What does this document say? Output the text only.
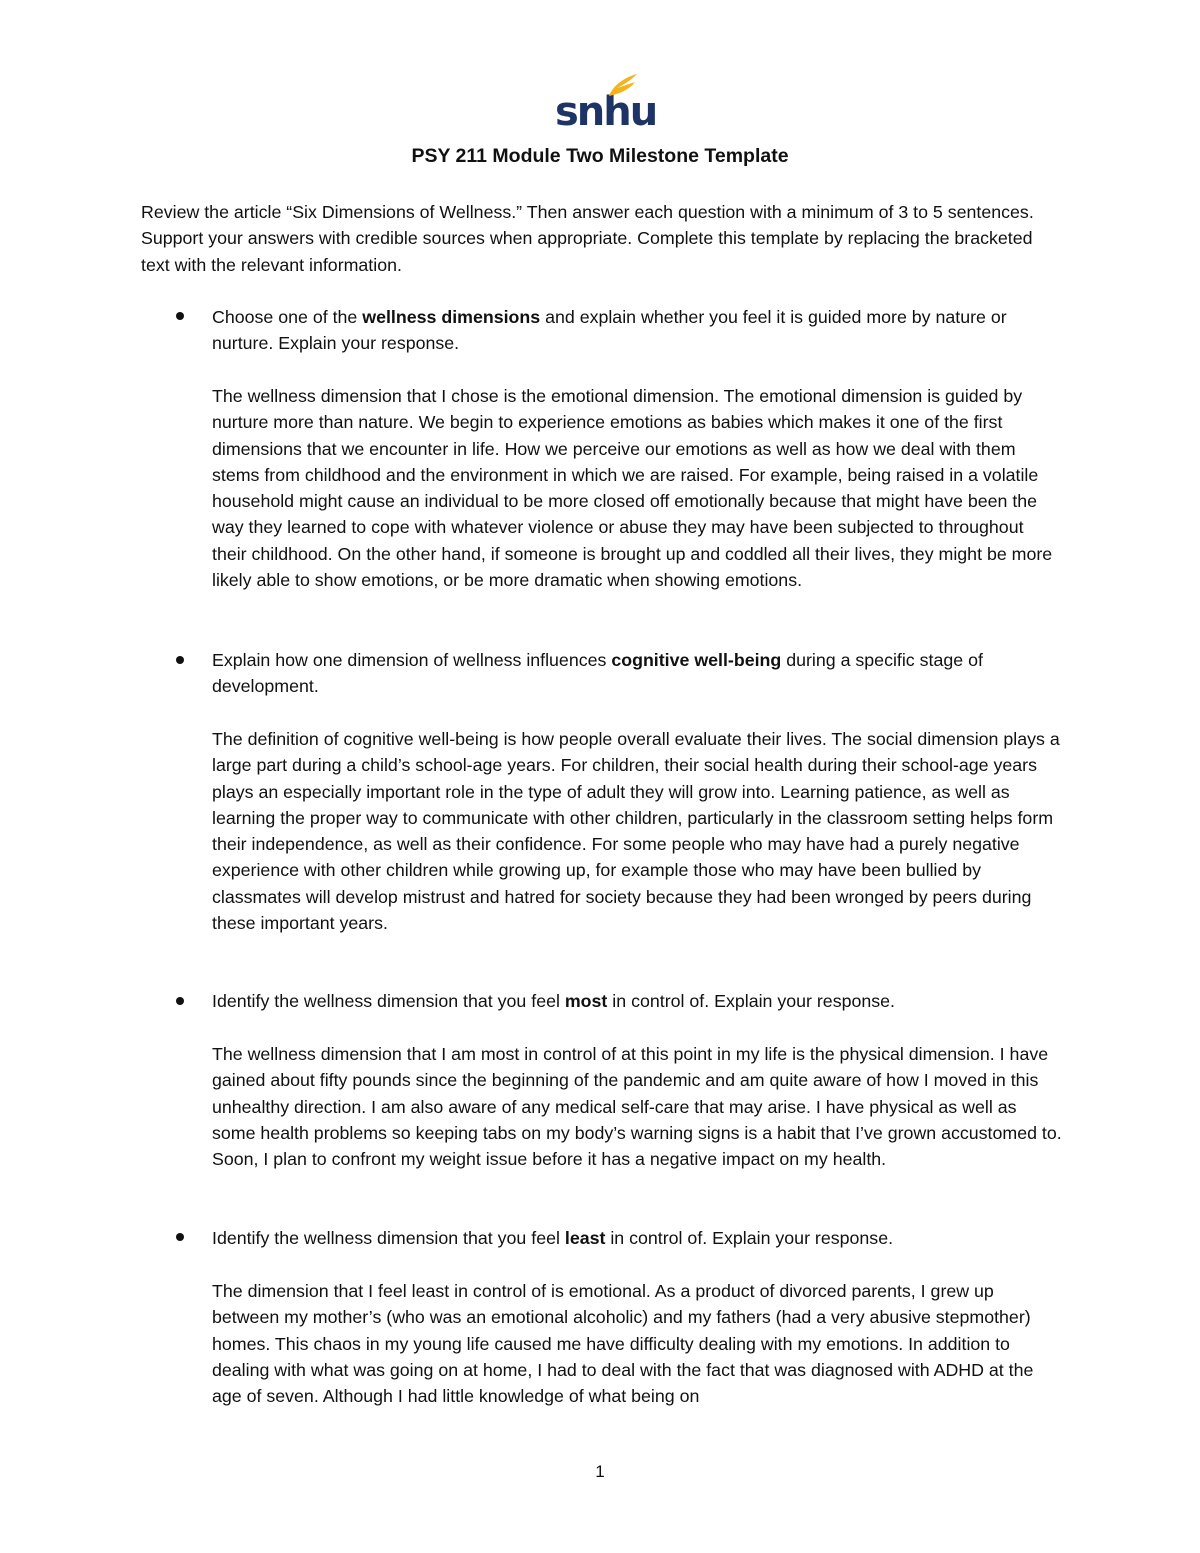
snhu
PSY 211 Module Two Milestone Template

Review the article “Six Dimensions of Wellness.” Then answer each question with a minimum of 3 to 5 sentences. Support your answers with credible sources when appropriate. Complete this template by replacing the bracketed text with the relevant information.

Choose one of the wellness dimensions and explain whether you feel it is guided more by nature or nurture. Explain your response.

The wellness dimension that I chose is the emotional dimension. The emotional dimension is guided by nurture more than nature. We begin to experience emotions as babies which makes it one of the first dimensions that we encounter in life. How we perceive our emotions as well as how we deal with them stems from childhood and the environment in which we are raised. For example, being raised in a volatile household might cause an individual to be more closed off emotionally because that might have been the way they learned to cope with whatever violence or abuse they may have been subjected to throughout their childhood. On the other hand, if someone is brought up and coddled all their lives, they might be more likely able to show emotions, or be more dramatic when showing emotions.

Explain how one dimension of wellness influences cognitive well-being during a specific stage of development.

The definition of cognitive well-being is how people overall evaluate their lives. The social dimension plays a large part during a child’s school-age years. For children, their social health during their school-age years plays an especially important role in the type of adult they will grow into. Learning patience, as well as learning the proper way to communicate with other children, particularly in the classroom setting helps form their independence, as well as their confidence. For some people who may have had a purely negative experience with other children while growing up, for example those who may have been bullied by classmates will develop mistrust and hatred for society because they had been wronged by peers during these important years.

Identify the wellness dimension that you feel most in control of. Explain your response.

The wellness dimension that I am most in control of at this point in my life is the physical dimension. I have gained about fifty pounds since the beginning of the pandemic and am quite aware of how I moved in this unhealthy direction. I am also aware of any medical self-care that may arise. I have physical as well as some health problems so keeping tabs on my body’s warning signs is a habit that I’ve grown accustomed to. Soon, I plan to confront my weight issue before it has a negative impact on my health.

Identify the wellness dimension that you feel least in control of. Explain your response.

The dimension that I feel least in control of is emotional. As a product of divorced parents, I grew up between my mother’s (who was an emotional alcoholic) and my fathers (had a very abusive stepmother) homes. This chaos in my young life caused me have difficulty dealing with my emotions. In addition to dealing with what was going on at home, I had to deal with the fact that was diagnosed with ADHD at the age of seven. Although I had little knowledge of what being on

1
